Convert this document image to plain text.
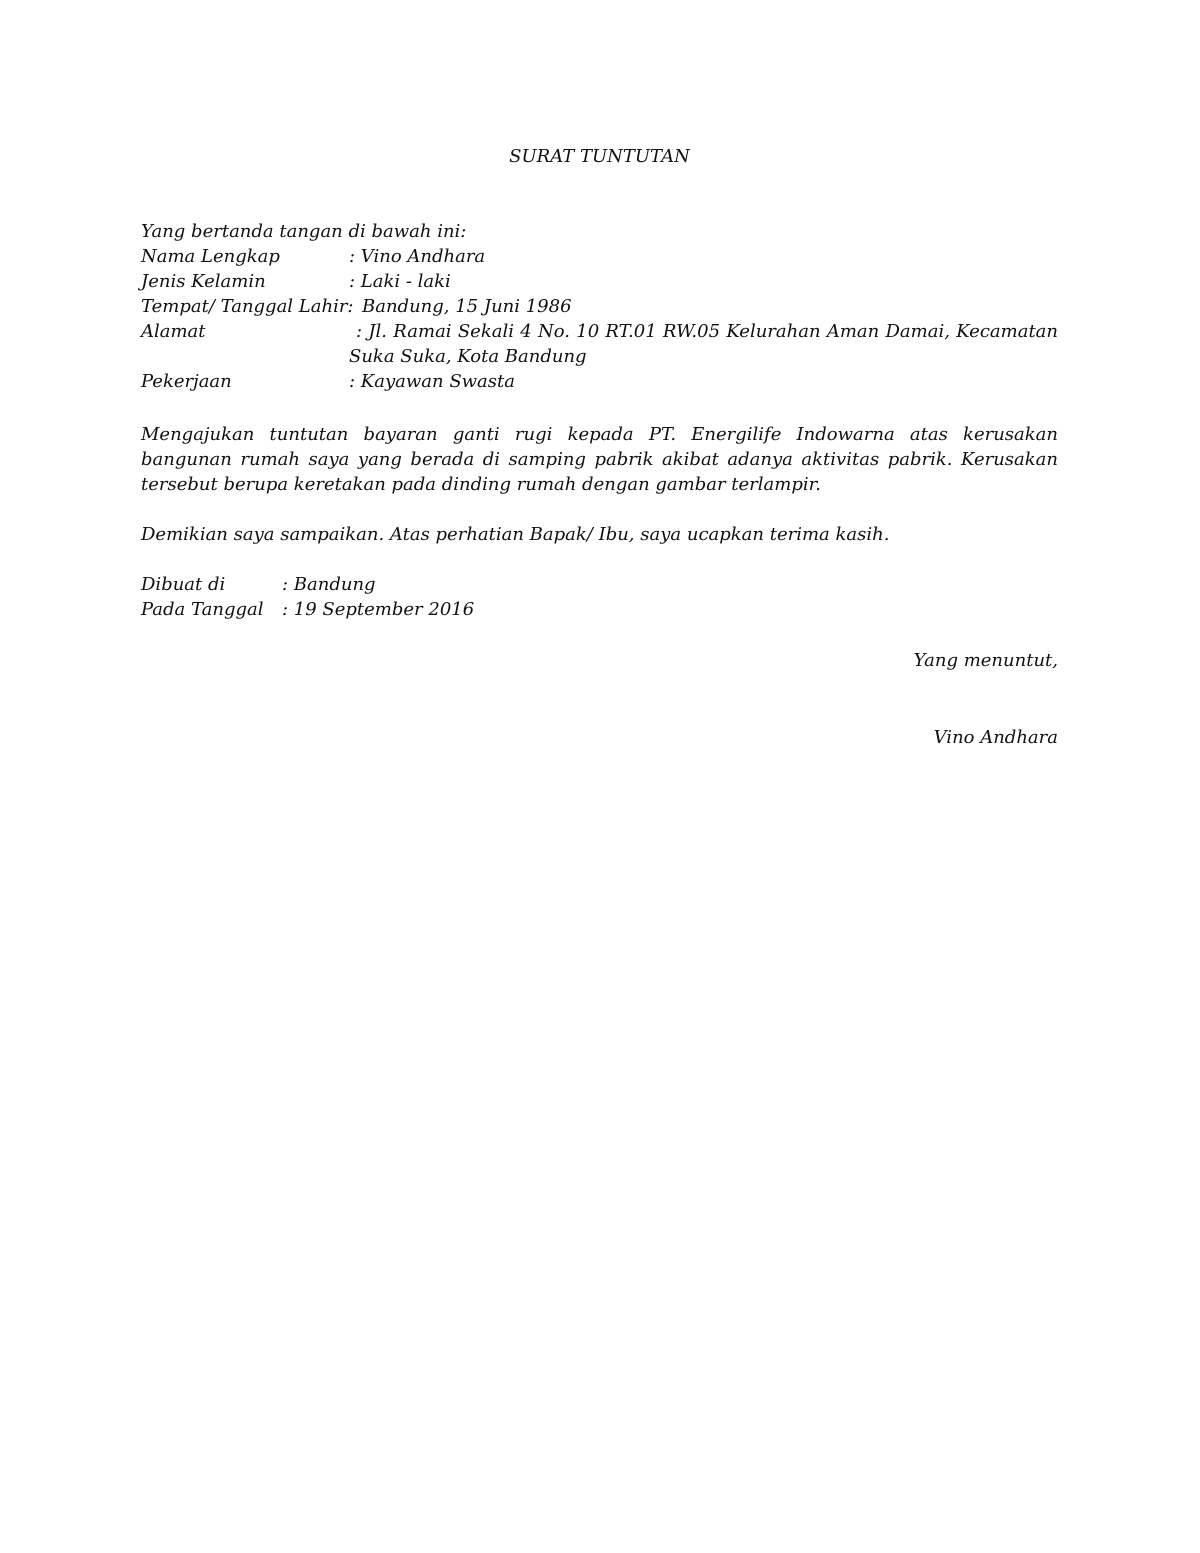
SURAT TUNTUTAN
Yang bertanda tangan di bawah ini:
Nama Lengkap	: Vino Andhara
Jenis Kelamin	: Laki - laki
Tempat/ Tanggal Lahir: Bandung, 15 Juni 1986
Alamat	: Jl. Ramai Sekali 4 No. 10 RT.01 RW.05 Kelurahan Aman Damai, Kecamatan Suka Suka, Kota Bandung
Pekerjaan	: Kayawan Swasta
Mengajukan tuntutan bayaran ganti rugi kepada PT. Energilife Indowarna atas kerusakan bangunan rumah saya yang berada di samping pabrik akibat adanya aktivitas pabrik. Kerusakan tersebut berupa keretakan pada dinding rumah dengan gambar terlampir.
Demikian saya sampaikan. Atas perhatian Bapak/ Ibu, saya ucapkan terima kasih.
Dibuat di	: Bandung
Pada Tanggal : 19 September 2016
Yang menuntut,
Vino Andhara
